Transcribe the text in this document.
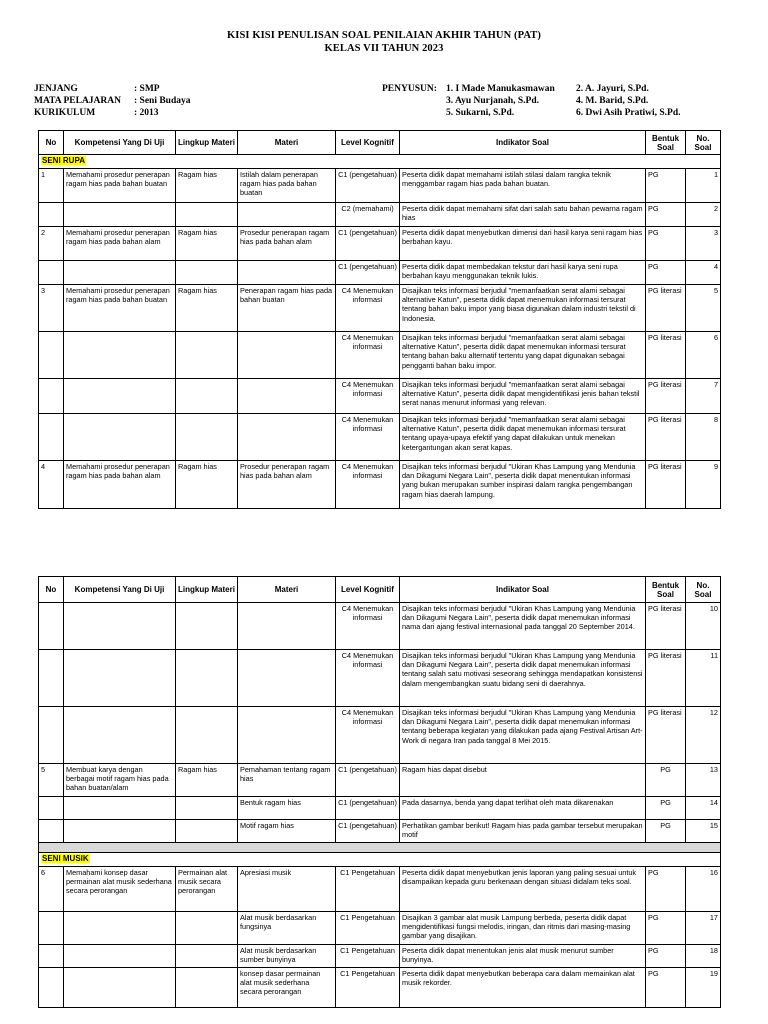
KISI KISI PENULISAN SOAL PENILAIAN AKHIR TAHUN (PAT)
KELAS VII TAHUN 2023
JENJANG	: SMP
MATA PELAJARAN : Seni Budaya
KURIKULUM	: 2013
PENYUSUN: 1. I Made Manukasmawan 2. A. Jayuri, S.Pd.
3. Ayu Nurjanah, S.Pd.	4. M. Barid, S.Pd.
5. Sukarni, S.Pd.	6. Dwi Asih Pratiwi, S.Pd.
No	Kompetensi Yang Di Uji	Lingkup Materi	Materi	Level Kognitif	Indikator Soal	Bentuk Soal	No. Soal
SENI RUPA							
1	Memahami prosedur penerapan ragam hias pada bahan buatan	Ragam hias	Istilah dalam penerapan ragam hias pada bahan buatan	C1 (pengetahuan)	Peserta didik dapat memahami istilah stilasi dalam rangka teknik menggambar ragam hias pada bahan buatan.	PG	1
				C2 (memahami)	Peserta didik dapat memahami sifat dari salah satu bahan pewarna ragam hias	PG	2
2	Memahami prosedur penerapan ragam hias pada bahan alam	Ragam hias	Prosedur penerapan ragam hias pada bahan alam	C1 (pengetahuan)	Peserta didik dapat menyebutkan dimensi dari hasil karya seni ragam hias berbahan kayu.	PG	3
				C1 (pengetahuan)	Peserta didik dapat membedakan tekstur dari hasil karya seni rupa berbahan kayu menggunakan teknik lukis.	PG	4
3	Memahami prosedur penerapan ragam hias pada bahan buatan	Ragam hias	Penerapan ragam hias pada bahan buatan	C4 Menemukan informasi	Disajikan teks informasi berjudul "memanfaatkan serat alami sebagai alternative Katun", peserta didik dapat menemukan informasi tersurat tentang bahan baku impor yang biasa digunakan dalam industri tekstil di Indonesia.	PG literasi	5
				C4 Menemukan informasi	Disajikan teks informasi berjudul "memanfaatkan serat alami sebagai alternative Katun", peserta didik dapat menemukan informasi tersurat tentang bahan baku alternatif tertentu yang dapat digunakan sebagai pengganti bahan baku impor.	PG literasi	6
				C4 Menemukan informasi	Disajikan teks informasi berjudul "memanfaatkan serat alami sebagai alternative Katun", peserta didik dapat mengidentifikasi jenis bahan tekstil serat nanas menurut informasi yang relevan.	PG literasi	7
				C4 Menemukan informasi	Disajikan teks informasi berjudul "memanfaatkan serat alami sebagai alternative Katun", peserta didik dapat menemukan informasi tersurat tentang upaya-upaya efektif yang dapat dilakukan untuk menekan ketergantungan akan serat kapas.	PG literasi	8
4	Memahami prosedur penerapan ragam hias pada bahan alam	Ragam hias	Prosedur penerapan ragam hias pada bahan alam	C4 Menemukan informasi	Disajikan teks informasi berjudul "Ukiran Khas Lampung yang Mendunia dan Dikagumi Negara Lain", peserta didik dapat menentukan informasi yang bukan merupakan sumber inspirasi dalam rangka pengembangan ragam hias daerah lampung.	PG literasi	9
No	Kompetensi Yang Di Uji	Lingkup Materi	Materi	Level Kognitif	Indikator Soal	Bentuk Soal	No. Soal
				C4 Menemukan informasi	Disajikan teks informasi berjudul "Ukiran Khas Lampung yang Mendunia dan Dikagumi Negara Lain", peserta didik dapat menemukan informasi nama dari ajang festival internasional pada tanggal 20 September 2014.	PG literasi	10
				C4 Menemukan informasi	Disajikan teks informasi berjudul "Ukiran Khas Lampung yang Mendunia dan Dikagumi Negara Lain", peserta didik dapat menemukan informasi tentang salah satu motivasi seseorang sehingga mendapatkan konsistensi dalam mengembangkan suatu bidang seni di daerahnya.	PG literasi	11
				C4 Menemukan informasi	Disajikan teks informasi berjudul "Ukiran Khas Lampung yang Mendunia dan Dikagumi Negara Lain", peserta didik dapat menemukan informasi tentang beberapa kegiatan yang dilakukan pada ajang Festival Artisan Art-Work di negara Iran pada tanggal 8 Mei 2015.	PG literasi	12
5	Membuat karya dengan berbagai motif ragam hias pada bahan buatan/alam	Ragam hias	Pemahaman tentang ragam hias	C1 (pengetahuan)	Ragam hias dapat disebut	PG	13
			Bentuk ragam hias	C1 (pengetahuan)	Pada dasarnya, benda yang dapat terlihat oleh mata dikarenakan	PG	14
			Motif ragam hias	C1 (pengetahuan)	Perhatikan gambar berikut! Ragam hias pada gambar tersebut merupakan motif	PG	15

SENI MUSIK							
6	Memahami konsep dasar permainan alat musik sederhana secara perorangan	Permainan alat musik secara perorangan	Apresiasi musik	C1 Pengetahuan	Peserta didik dapat menyebutkan jenis laporan yang paling sesuai untuk disampaikan kepada guru berkenaan dengan situasi didalam teks soal.	PG	16
			Alat musik berdasarkan fungsinya	C1 Pengetahuan	Disajikan 3 gambar alat musik Lampung berbeda, peserta didik dapat mengidentifikasi fungsi melodis, iringan, dan ritmis dari masing-masing gambar yang disajikan.	PG	17
			Alat musik berdasarkan sumber bunyinya	C1 Pengetahuan	Peserta didik dapat menentukan jenis alat musik menurut sumber bunyinya.	PG	18
			konsep dasar permainan alat musik sederhana secara perorangan	C1 Pengetahuan	Peserta didik dapat menyebutkan beberapa cara dalam memainkan alat musik rekorder.	PG	19
